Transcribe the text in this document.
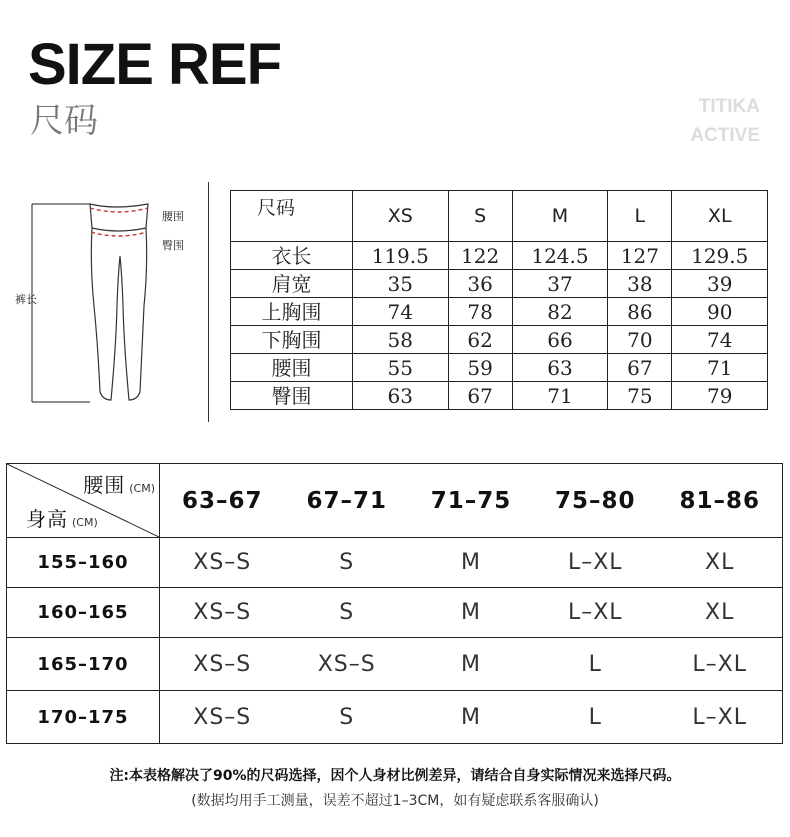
SIZE REF
尺码	TITIKA
ACTIVE
腰围
臀围
裤长
尺码	XS	S	M	L	XL
衣长	119.5	122	124.5	127	129.5
肩宽	35	36	37	38	39
上胸围	74	78	82	86	90
下胸围	58	62	66	70	74
腰围	55	59	63	67	71
臀围	63	67	71	75	79
腰围 (CM)
身高 (CM)	63–67	67–71	71–75	75–80	81–86
155–160	XS–S	S	M	L–XL	XL
160–165	XS–S	S	M	L–XL	XL
165–170	XS–S	XS–S	M	L	L–XL
170–175	XS–S	S	M	L	L–XL
注:本表格解决了90%的尺码选择，因个人身材比例差异，请结合自身实际情况来选择尺码。
(数据均用手工测量，误差不超过1–3CM，如有疑虑联系客服确认)
